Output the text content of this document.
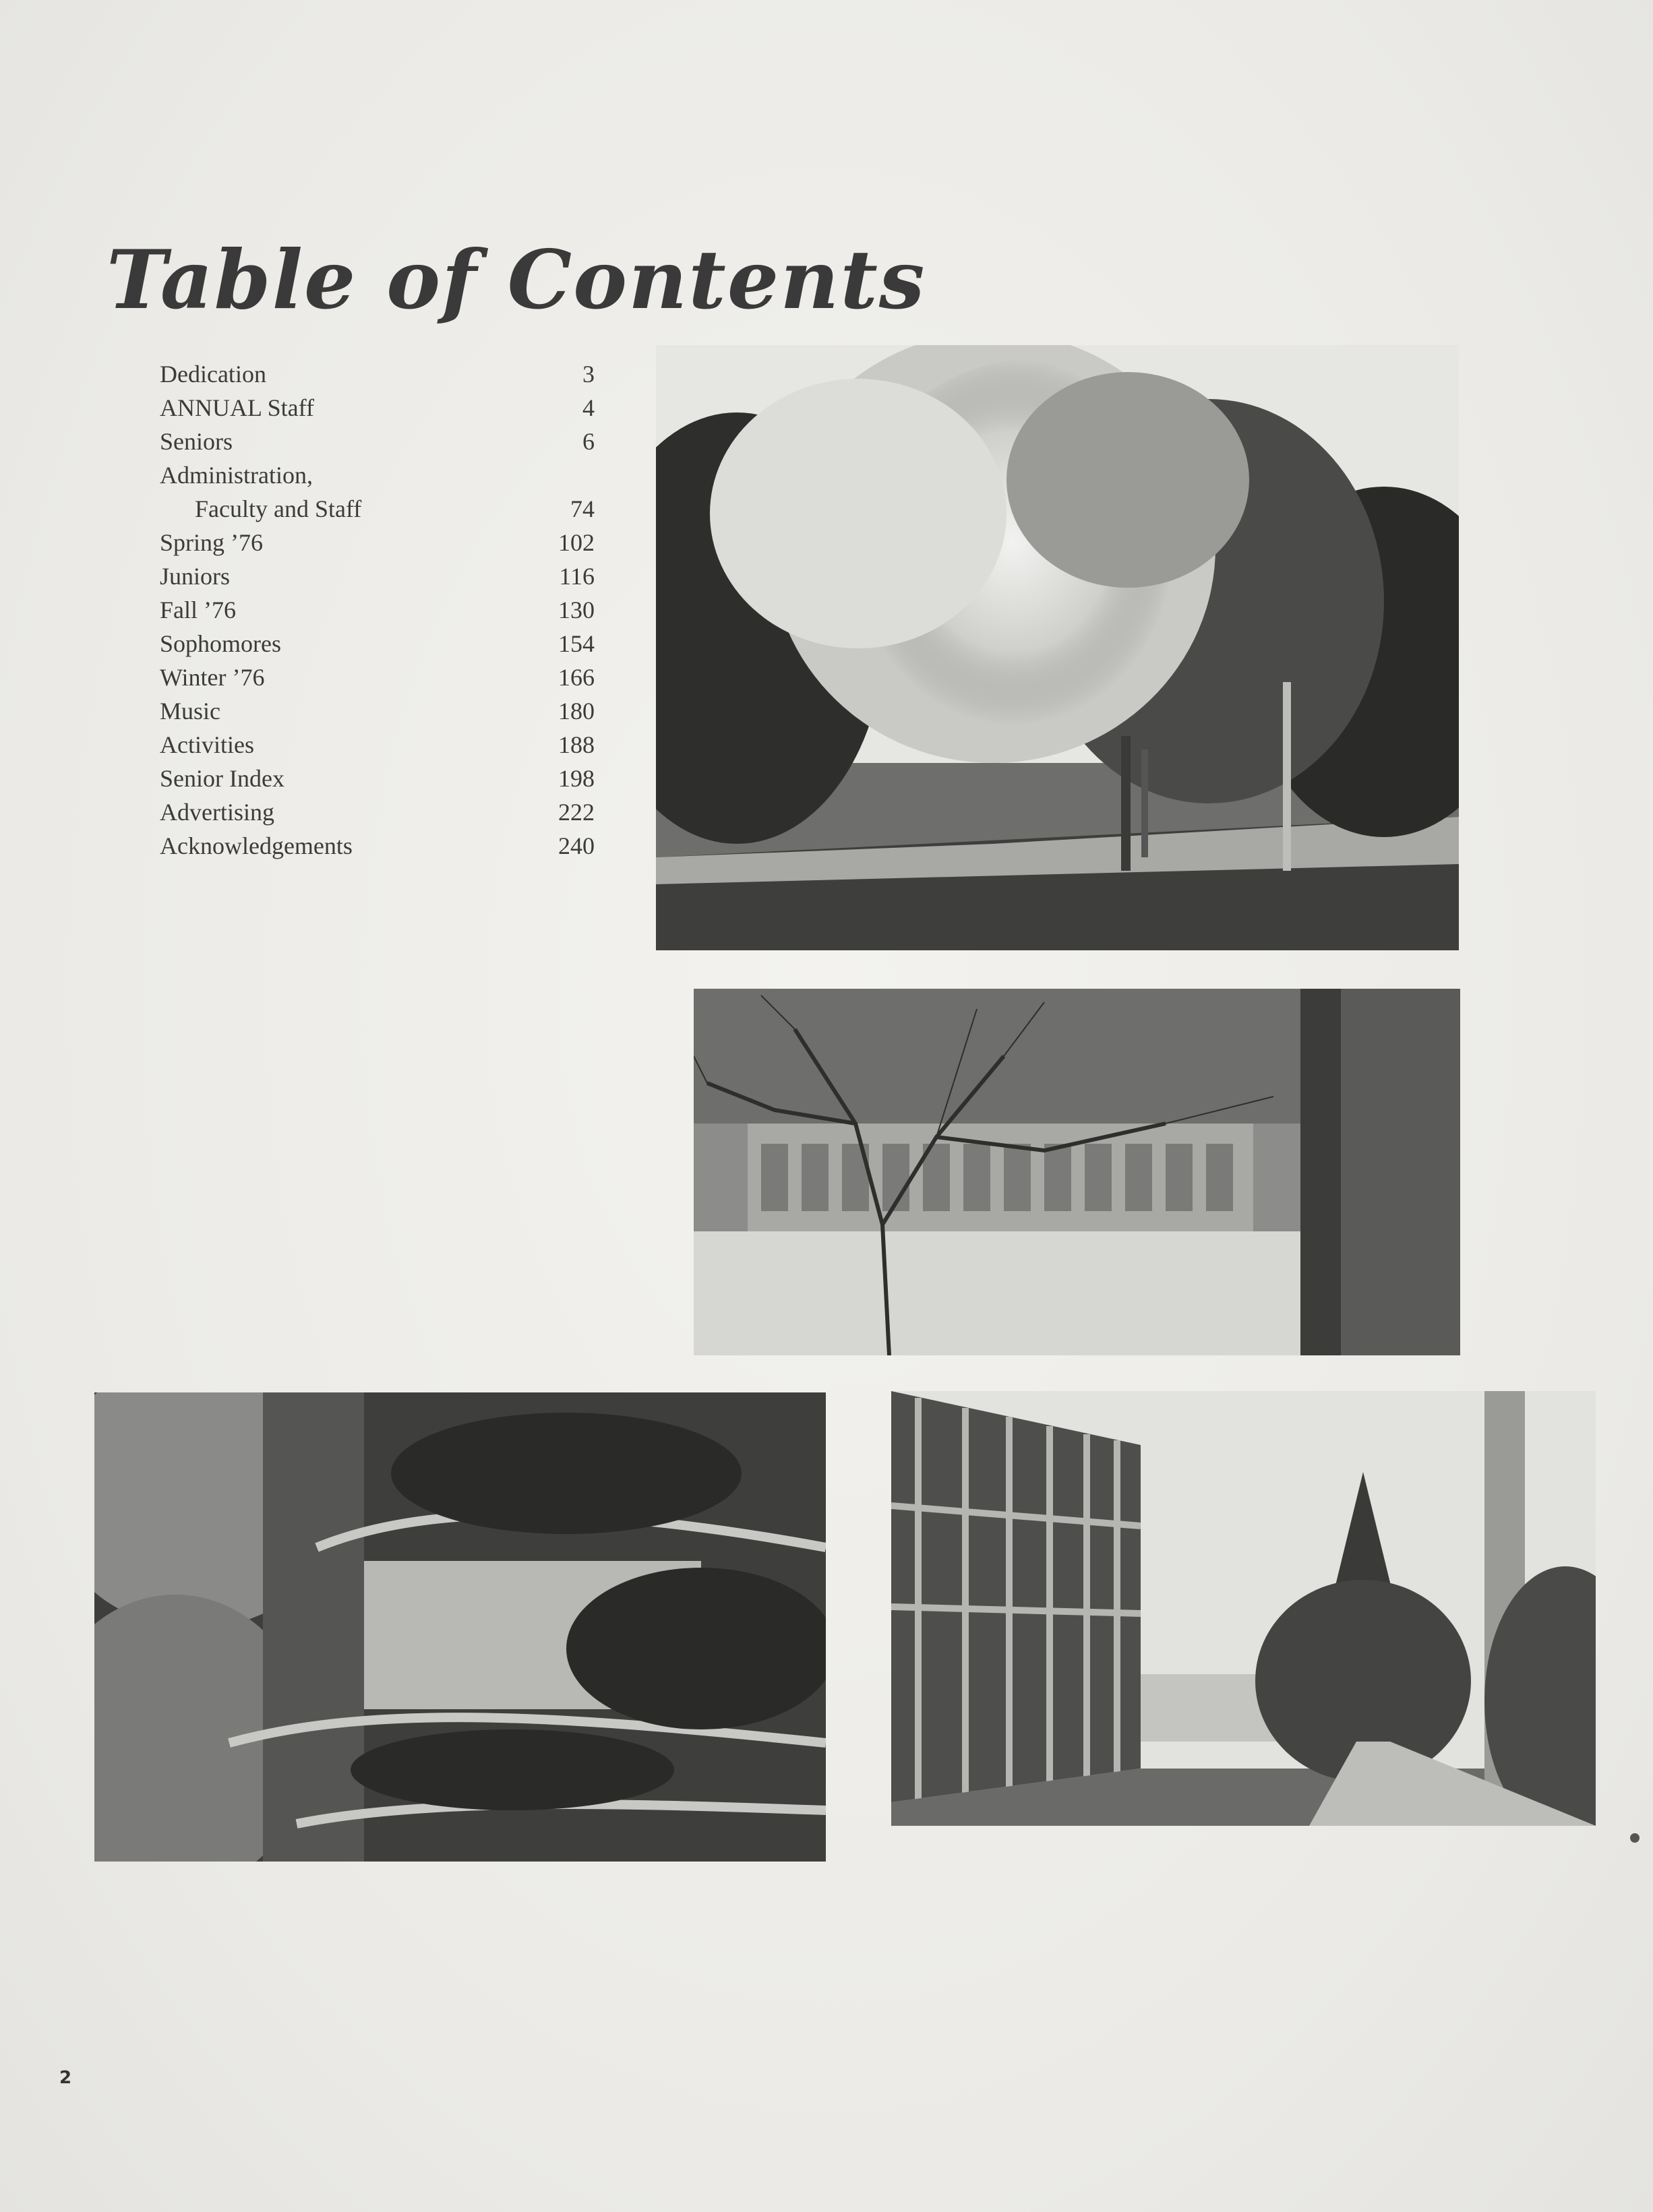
Table of Contents
Dedication	3
ANNUAL Staff	4
Seniors	6
Administration,
Faculty and Staff	74
Spring ’76	102
Juniors	116
Fall ’76	130
Sophomores	154
Winter ’76	166
Music	180
Activities	188
Senior Index	198
Advertising	222
Acknowledgements	240
2
